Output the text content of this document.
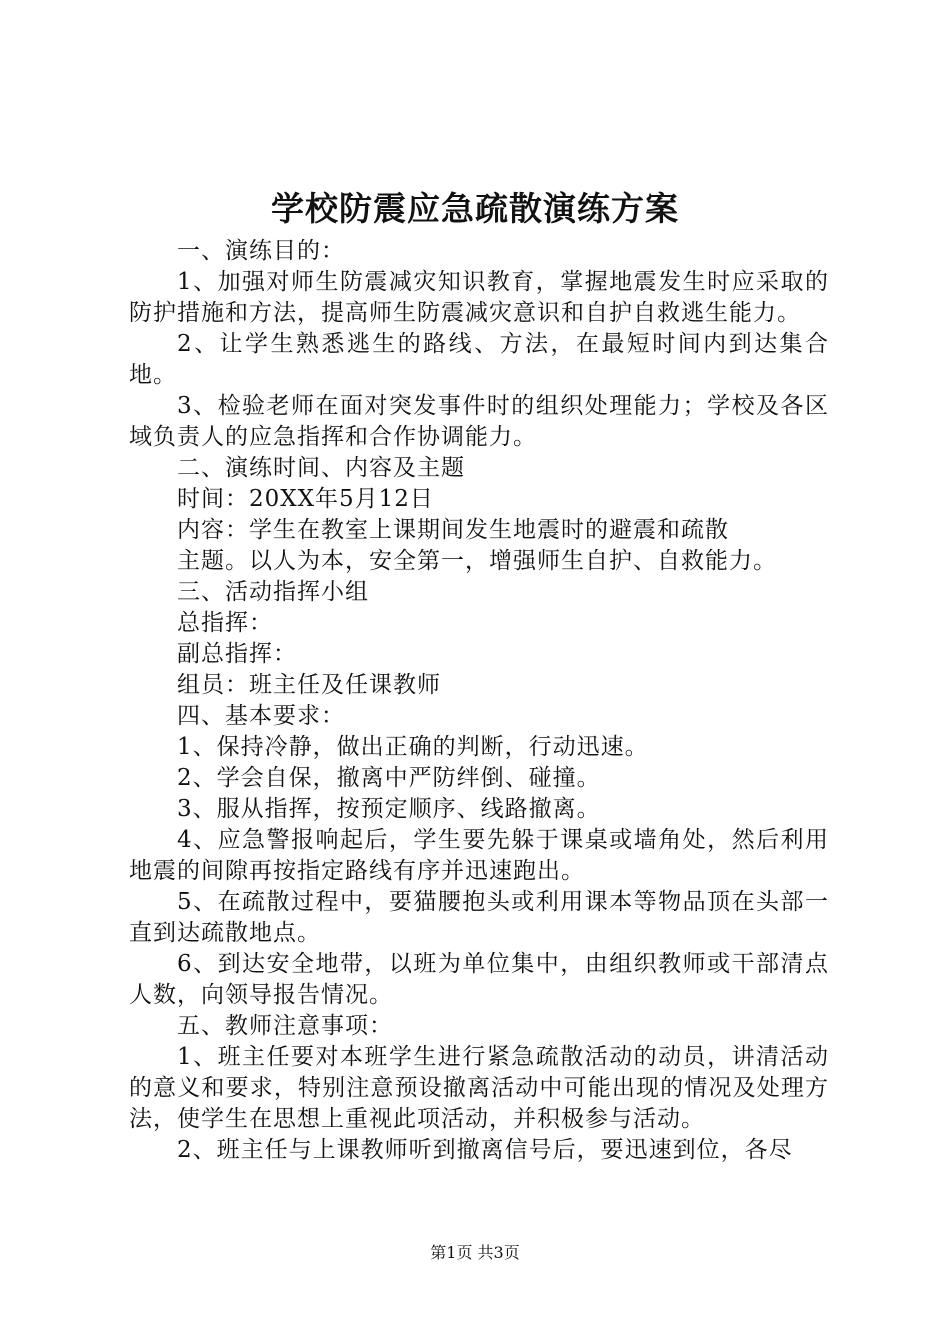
学校防震应急疏散演练方案

一、演练目的：

1、加强对师生防震减灾知识教育，掌握地震发生时应采取的防护措施和方法，提高师生防震减灾意识和自护自救逃生能力。

2、让学生熟悉逃生的路线、方法，在最短时间内到达集合地。

3、检验老师在面对突发事件时的组织处理能力；学校及各区域负责人的应急指挥和合作协调能力。

二、演练时间、内容及主题

时间：20XX年5月12日

内容：学生在教室上课期间发生地震时的避震和疏散

主题。以人为本，安全第一，增强师生自护、自救能力。

三、活动指挥小组

总指挥：

副总指挥：

组员：班主任及任课教师

四、基本要求：

1、保持冷静，做出正确的判断，行动迅速。

2、学会自保，撤离中严防绊倒、碰撞。

3、服从指挥，按预定顺序、线路撤离。

4、应急警报响起后，学生要先躲于课桌或墙角处，然后利用地震的间隙再按指定路线有序并迅速跑出。

5、在疏散过程中，要猫腰抱头或利用课本等物品顶在头部一直到达疏散地点。

6、到达安全地带，以班为单位集中，由组织教师或干部清点人数，向领导报告情况。

五、教师注意事项：

1、班主任要对本班学生进行紧急疏散活动的动员，讲清活动的意义和要求，特别注意预设撤离活动中可能出现的情况及处理方法，使学生在思想上重视此项活动，并积极参与活动。

2、班主任与上课教师听到撤离信号后，要迅速到位，各尽

第1页 共3页
